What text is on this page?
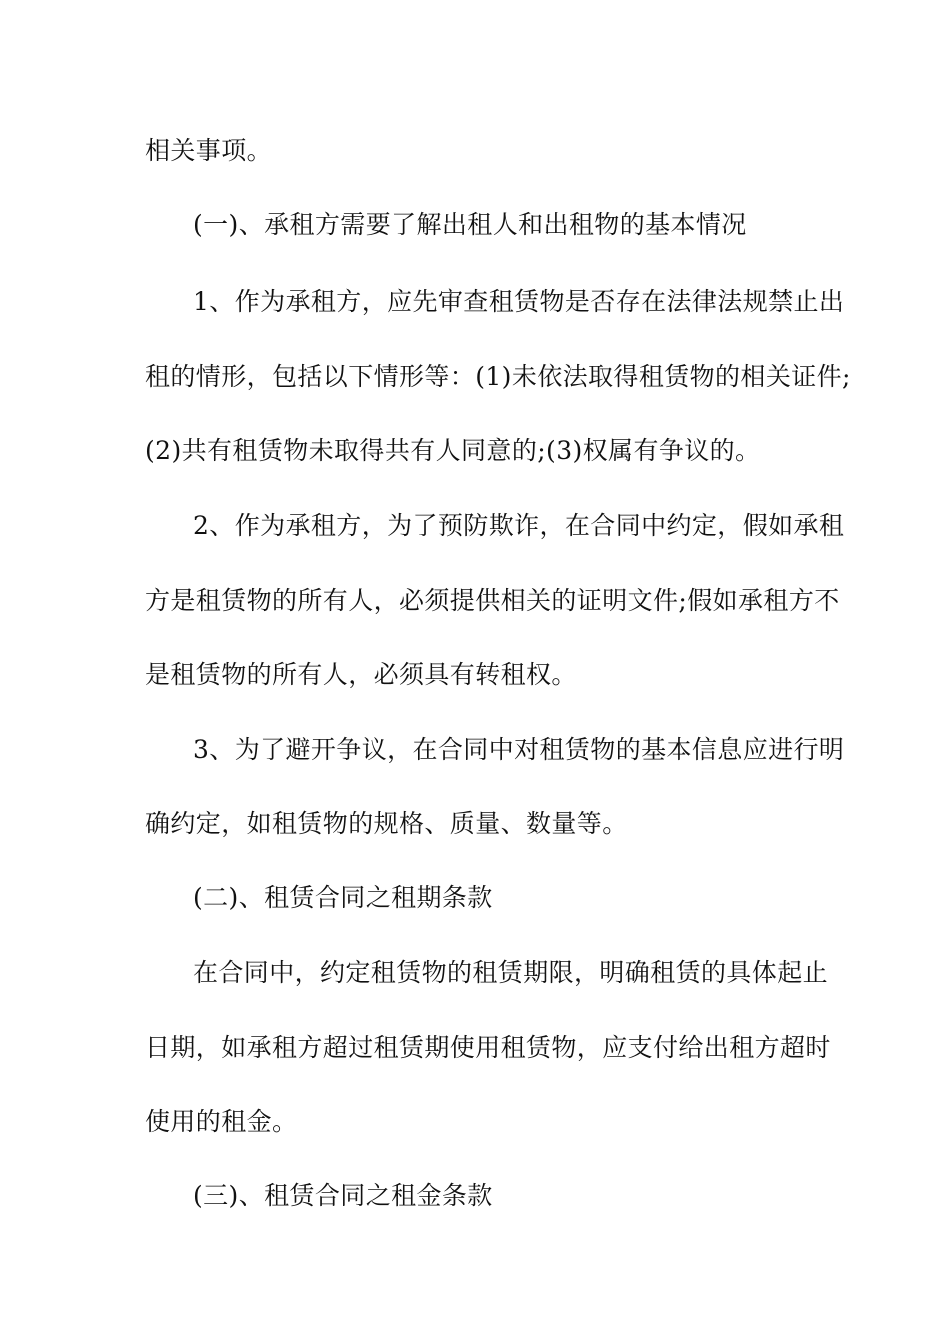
相关事项。
(一)、承租方需要了解出租人和出租物的基本情况
1、作为承租方，应先审查租赁物是否存在法律法规禁止出
租的情形，包括以下情形等：(1)未依法取得租赁物的相关证件;
(2)共有租赁物未取得共有人同意的;(3)权属有争议的。
2、作为承租方，为了预防欺诈，在合同中约定，假如承租
方是租赁物的所有人，必须提供相关的证明文件;假如承租方不
是租赁物的所有人，必须具有转租权。
3、为了避开争议，在合同中对租赁物的基本信息应进行明
确约定，如租赁物的规格、质量、数量等。
(二)、租赁合同之租期条款
在合同中，约定租赁物的租赁期限，明确租赁的具体起止
日期，如承租方超过租赁期使用租赁物，应支付给出租方超时
使用的租金。
(三)、租赁合同之租金条款
